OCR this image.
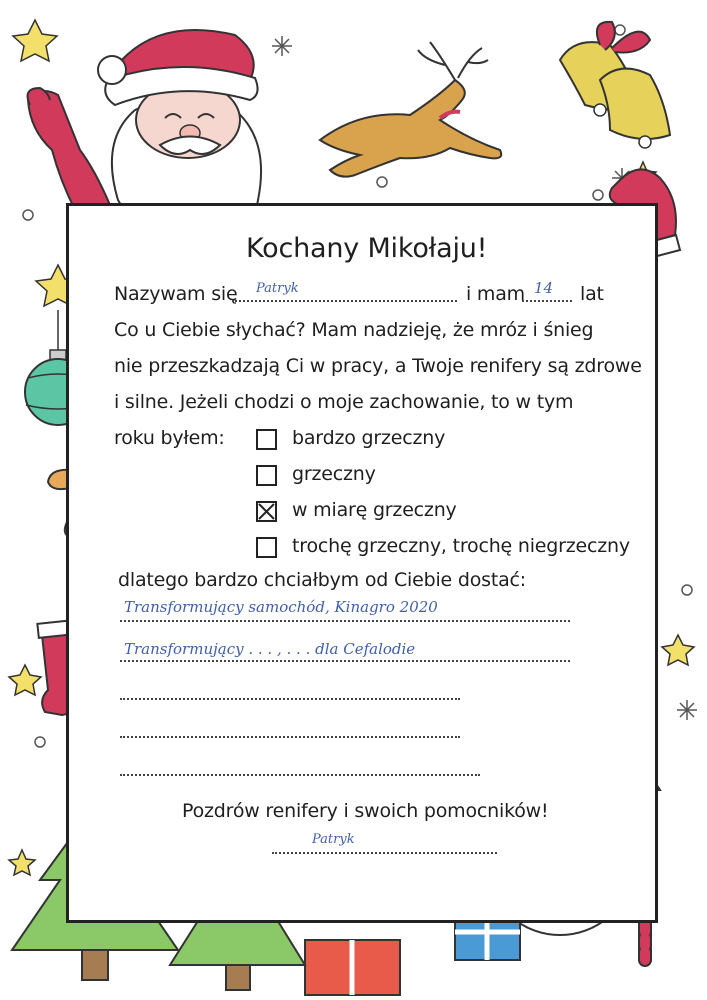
Kochany Mikołaju!
Nazywam się Patryk	i mam 14 lat
Co u Ciebie słychać? Mam nadzieję, że mróz i śnieg
nie przeszkadzają Ci w pracy, a Twoje renifery są zdrowe
i silne. Jeżeli chodzi o moje zachowanie, to w tym
roku byłem:	bardzo grzeczny
grzeczny
w miarę grzeczny
trochę grzeczny, trochę niegrzeczny
dlatego bardzo chciałbym od Ciebie dostać:
Transformujący samochód, Kinagro 2020
Transformujący . . . , . . . dla Cefalodie
Pozdrów renifery i swoich pomocników!
Patryk
